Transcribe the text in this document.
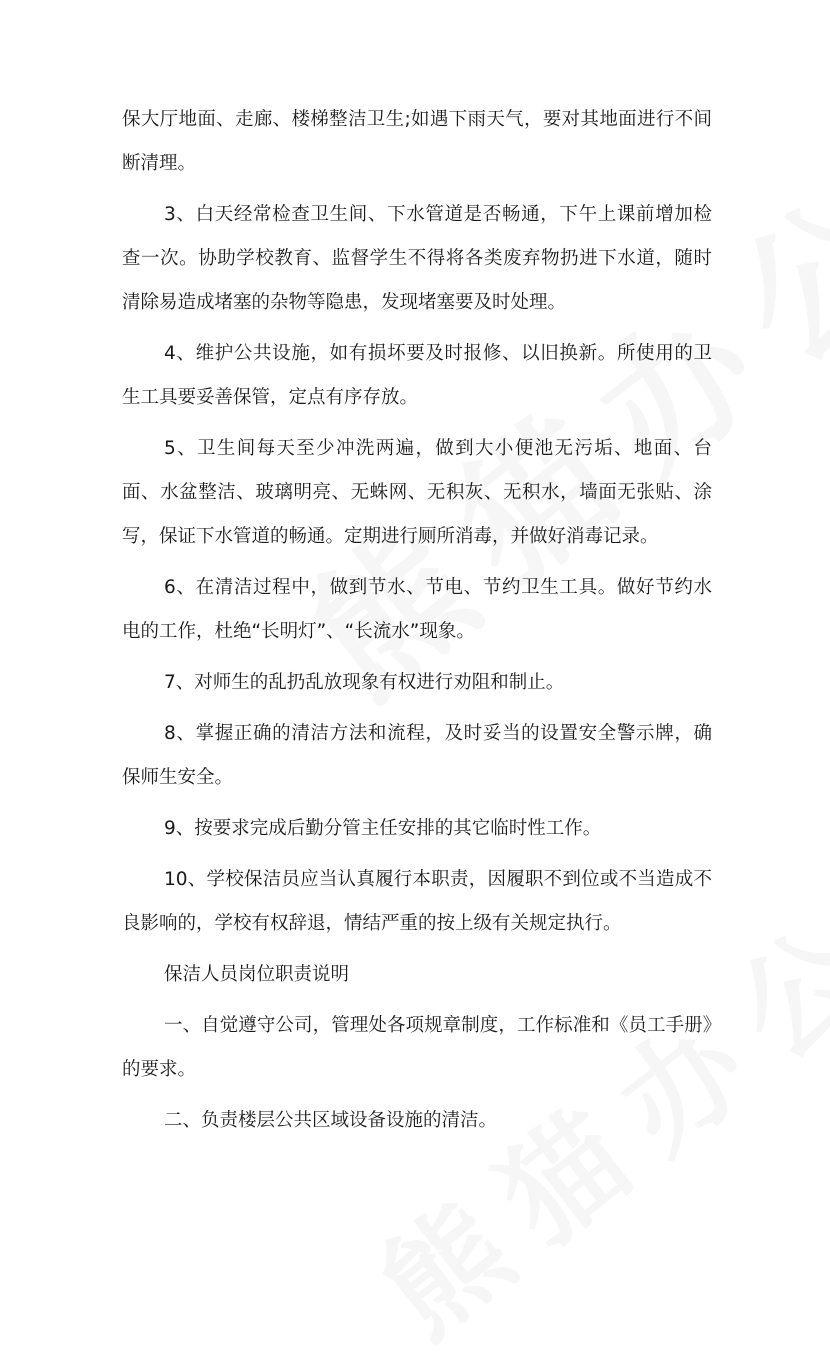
保大厅地面、走廊、楼梯整洁卫生;如遇下雨天气，要对其地面进行不间断清理。

3、白天经常检查卫生间、下水管道是否畅通，下午上课前增加检查一次。协助学校教育、监督学生不得将各类废弃物扔进下水道，随时清除易造成堵塞的杂物等隐患，发现堵塞要及时处理。

4、维护公共设施，如有损坏要及时报修、以旧换新。所使用的卫生工具要妥善保管，定点有序存放。

5、卫生间每天至少冲洗两遍，做到大小便池无污垢、地面、台面、水盆整洁、玻璃明亮、无蛛网、无积灰、无积水，墙面无张贴、涂写，保证下水管道的畅通。定期进行厕所消毒，并做好消毒记录。

6、在清洁过程中，做到节水、节电、节约卫生工具。做好节约水电的工作，杜绝“长明灯”、“长流水”现象。

7、对师生的乱扔乱放现象有权进行劝阻和制止。

8、掌握正确的清洁方法和流程，及时妥当的设置安全警示牌，确保师生安全。

9、按要求完成后勤分管主任安排的其它临时性工作。

10、学校保洁员应当认真履行本职责，因履职不到位或不当造成不良影响的，学校有权辞退，情结严重的按上级有关规定执行。

保洁人员岗位职责说明

一、自觉遵守公司，管理处各项规章制度，工作标准和《员工手册》的要求。

二、负责楼层公共区域设备设施的清洁。
